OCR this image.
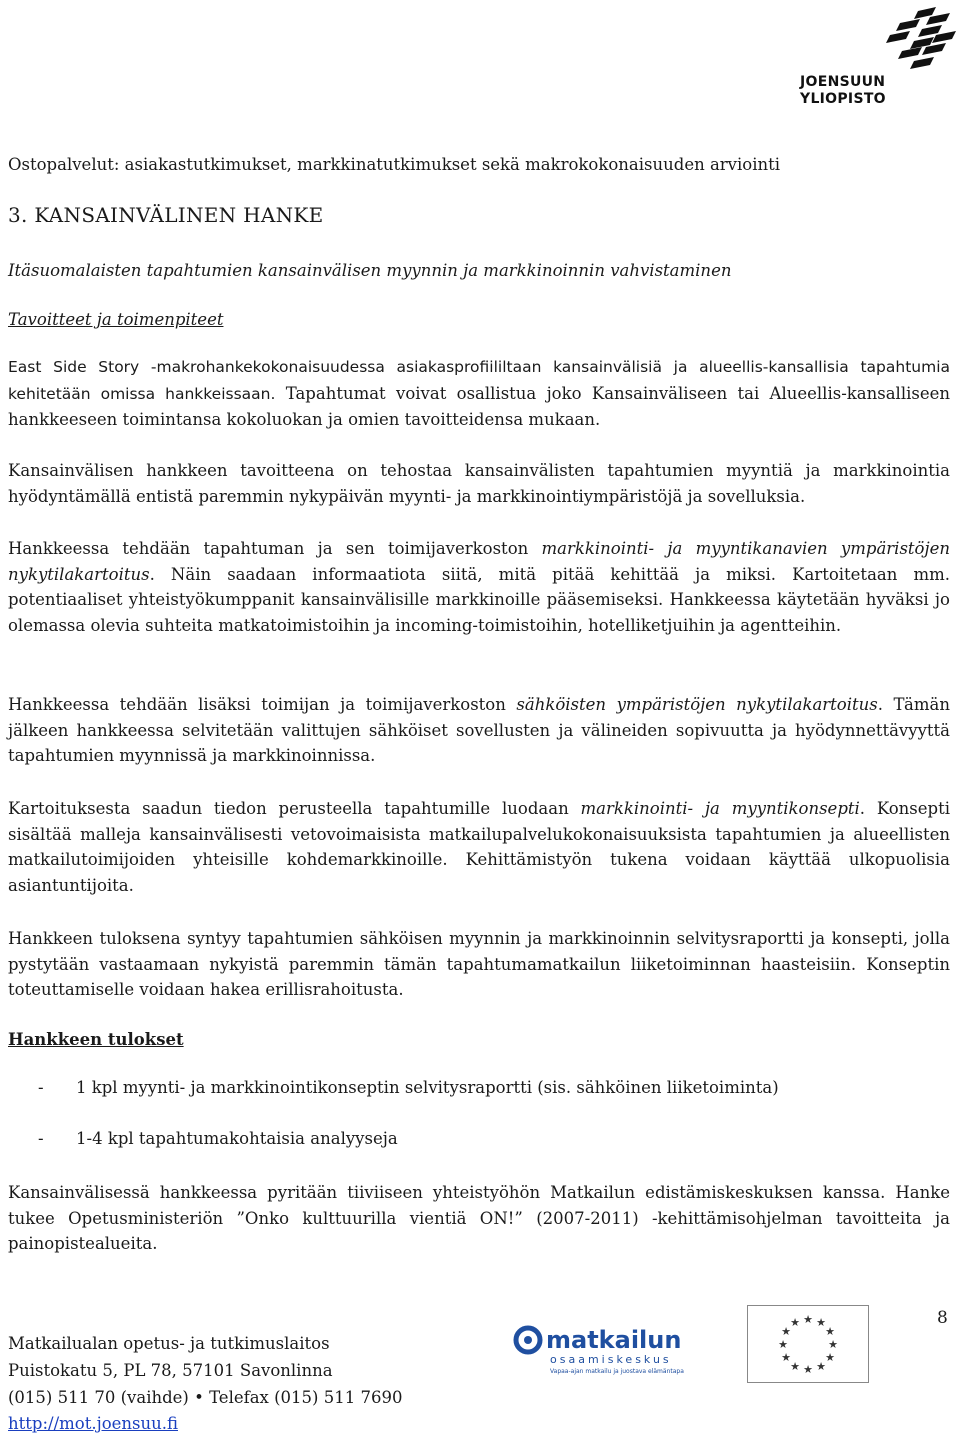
JOENSUUN
YLIOPISTO

Ostopalvelut: asiakastutkimukset, markkinatutkimukset sekä makrokokonaisuuden arviointi

3. KANSAINVÄLINEN HANKE

Itäsuomalaisten tapahtumien kansainvälisen myynnin ja markkinoinnin vahvistaminen

Tavoitteet ja toimenpiteet

East Side Story -makrohankekokonaisuudessa asiakasprofiililtaan kansainvälisiä ja alueellis-kansallisia tapahtumia kehitetään omissa hankkeissaan. Tapahtumat voivat osallistua joko Kansainväliseen tai Alueellis-kansalliseen hankkeeseen toimintansa kokoluokan ja omien tavoitteidensa mukaan.

Kansainvälisen hankkeen tavoitteena on tehostaa kansainvälisten tapahtumien myyntiä ja markkinointia hyödyntämällä entistä paremmin nykypäivän myynti- ja markkinointiympäristöjä ja sovelluksia.

Hankkeessa tehdään tapahtuman ja sen toimijaverkoston markkinointi- ja myyntikanavien ympäristöjen nykytilakartoitus. Näin saadaan informaatiota siitä, mitä pitää kehittää ja miksi. Kartoitetaan mm. potentiaaliset yhteistyökumppanit kansainvälisille markkinoille pääsemiseksi. Hankkeessa käytetään hyväksi jo olemassa olevia suhteita matkatoimistoihin ja incoming-toimistoihin, hotelliketjuihin ja agentteihin.

Hankkeessa tehdään lisäksi toimijan ja toimijaverkoston sähköisten ympäristöjen nykytilakartoitus. Tämän jälkeen hankkeessa selvitetään valittujen sähköiset sovellusten ja välineiden sopivuutta ja hyödynnettävyyttä tapahtumien myynnissä ja markkinoinnissa.

Kartoituksesta saadun tiedon perusteella tapahtumille luodaan markkinointi- ja myyntikonsepti. Konsepti sisältää malleja kansainvälisesti vetovoimaisista matkailupalvelukokonaisuuksista tapahtumien ja alueellisten matkailutoimijoiden yhteisille kohdemarkkinoille. Kehittämistyön tukena voidaan käyttää ulkopuolisia asiantuntijoita.

Hankkeen tuloksena syntyy tapahtumien sähköisen myynnin ja markkinoinnin selvitysraportti ja konsepti, jolla pystytään vastaamaan nykyistä paremmin tämän tapahtumamatkailun liiketoiminnan haasteisiin. Konseptin toteuttamiselle voidaan hakea erillisrahoitusta.

Hankkeen tulokset

- 1 kpl myynti- ja markkinointikonseptin selvitysraportti (sis. sähköinen liiketoiminta)
- 1-4 kpl tapahtumakohtaisia analyyseja

Kansainvälisessä hankkeessa pyritään tiiviiseen yhteistyöhön Matkailun edistämiskeskuksen kanssa. Hanke tukee Opetusministeriön ”Onko kulttuurilla vientiä ON!” (2007-2011) -kehittämisohjelman tavoitteita ja painopistealueita.

Matkailualan opetus- ja tutkimuslaitos
Puistokatu 5, PL 78, 57101 Savonlinna
(015) 511 70 (vaihde) • Telefax (015) 511 7690
http://mot.joensuu.fi
matkailun
osaamiskeskus
Vapaa-ajan matkailu ja juostava elämäntapa
★ ★
★
★
★
★
★
★
★
★
★
★	8
